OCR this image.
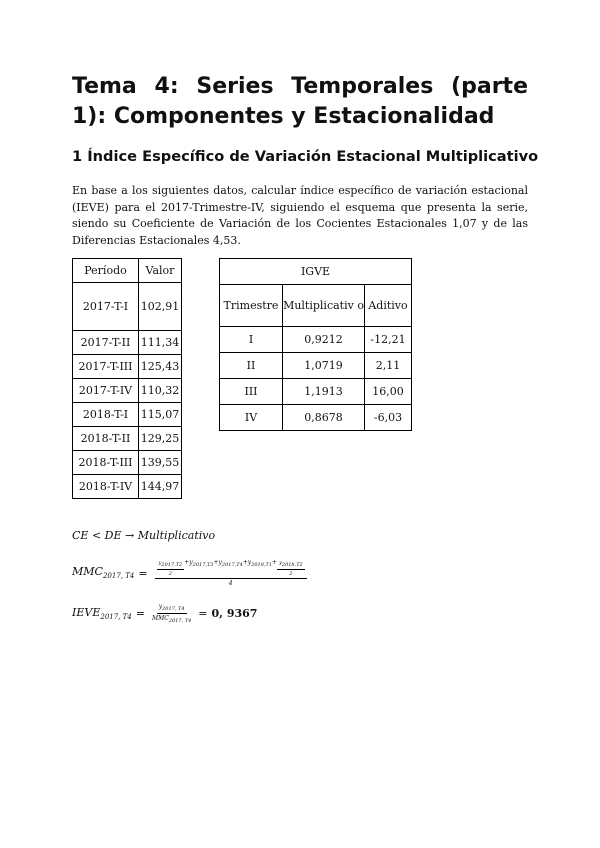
Tema 4: Series Temporales (parte 1): Componentes y Estacionalidad
1 Índice Específico de Variación Estacional Multiplicativo

En base a los siguientes datos, calcular índice específico de variación estacional (IEVE) para el 2017-Trimestre-IV, siguiendo el esquema que presenta la serie, siendo su Coeficiente de Variación de los Cocientes Estacionales 1,07 y de las Diferencias Estacionales 4,53.

Período	Valor
2017-T-I	102,91
2017-T-II	111,34
2017-T-III	125,43
2017-T-IV	110,32
2018-T-I	115,07
2018-T-II	129,25
2018-T-III	139,55
2018-T-IV	144,97
IGVE		
Trimestre	Multiplicativ o	Aditivo
I	0,9212	-12,21
II	1,0719	2,11
III	1,1913	16,00
IV	0,8678	-6,03
CE < DE → Multiplicativo
$MMC_{2017, T4} = \frac{\frac{y_{2017,T2}}{2} +y_{2017,T3}+y_{2017,T4}+y_{2018,T1}+ \frac{y_{2018,T2}}{2}}{4}$
$IEVE_{2017, T4} = \frac{y_{2017, T4}}{MMC_{2017, T4}} = 0$, 9367
